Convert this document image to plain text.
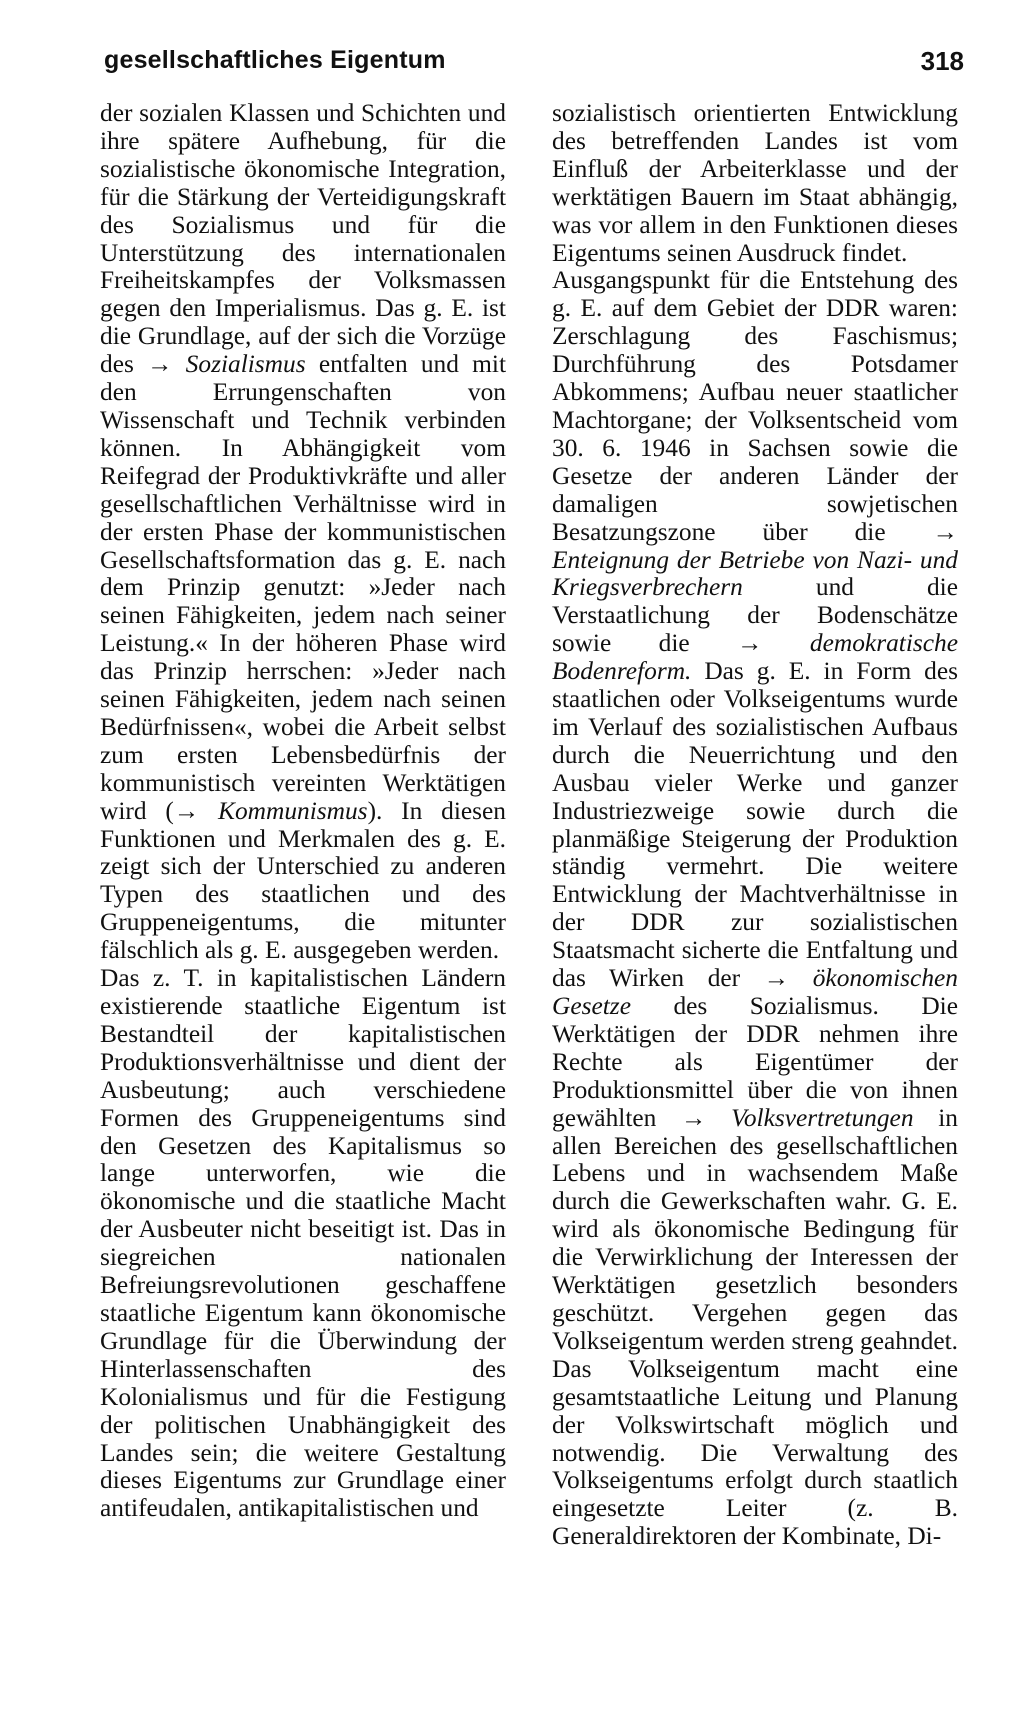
gesellschaftliches Eigentum	318

der sozialen Klassen und Schichten und ihre spätere Aufhebung, für die sozialistische ökonomische Integration, für die Stärkung der Verteidigungskraft des Sozialismus und für die Unterstützung des internationalen Freiheitskampfes der Volksmassen gegen den Imperialismus. Das g. E. ist die Grundlage, auf der sich die Vorzüge des → Sozialismus entfalten und mit den Errungenschaften von Wissenschaft und Technik verbinden können. In Abhängigkeit vom Reifegrad der Produktivkräfte und aller gesellschaftlichen Verhältnisse wird in der ersten Phase der kommunistischen Gesellschaftsformation das g. E. nach dem Prinzip genutzt: »Jeder nach seinen Fähigkeiten, jedem nach seiner Leistung.« In der höheren Phase wird das Prinzip herrschen: »Jeder nach seinen Fähigkeiten, jedem nach seinen Bedürfnissen«, wobei die Arbeit selbst zum ersten Lebensbedürfnis der kommunistisch vereinten Werktätigen wird (→ Kommunismus). In diesen Funktionen und Merkmalen des g. E. zeigt sich der Unterschied zu anderen Typen des staatlichen und des Gruppeneigentums, die mitunter fälschlich als g. E. ausgegeben werden.

Das z. T. in kapitalistischen Ländern existierende staatliche Eigentum ist Bestandteil der kapitalistischen Produktionsverhältnisse und dient der Ausbeutung; auch verschiedene Formen des Gruppeneigentums sind den Gesetzen des Kapitalismus so lange unterworfen, wie die ökonomische und die staatliche Macht der Ausbeuter nicht beseitigt ist. Das in siegreichen nationalen Befreiungsrevolutionen geschaffene staatliche Eigentum kann ökonomische Grundlage für die Überwindung der Hinterlassenschaften des Kolonialismus und für die Festigung der politischen Unabhängigkeit des Landes sein; die weitere Gestaltung dieses Eigentums zur Grundlage einer antifeudalen, antikapitalistischen und

sozialistisch orientierten Entwicklung des betreffenden Landes ist vom Einfluß der Arbeiterklasse und der werktätigen Bauern im Staat abhängig, was vor allem in den Funktionen dieses Eigentums seinen Ausdruck findet.

Ausgangspunkt für die Entstehung des g. E. auf dem Gebiet der DDR waren: Zerschlagung des Faschismus; Durchführung des Potsdamer Abkommens; Aufbau neuer staatlicher Machtorgane; der Volksentscheid vom 30. 6. 1946 in Sachsen sowie die Gesetze der anderen Länder der damaligen sowjetischen Besatzungszone über die → Enteignung der Betriebe von Nazi- und Kriegsverbrechern und die Verstaatlichung der Bodenschätze sowie die → demokratische Bodenreform. Das g. E. in Form des staatlichen oder Volkseigentums wurde im Verlauf des sozialistischen Aufbaus durch die Neuerrichtung und den Ausbau vieler Werke und ganzer Industriezweige sowie durch die planmäßige Steigerung der Produktion ständig vermehrt. Die weitere Entwicklung der Machtverhältnisse in der DDR zur sozialistischen Staatsmacht sicherte die Entfaltung und das Wirken der → ökonomischen Gesetze des Sozialismus. Die Werktätigen der DDR nehmen ihre Rechte als Eigentümer der Produktionsmittel über die von ihnen gewählten → Volksvertretungen in allen Bereichen des gesellschaftlichen Lebens und in wachsendem Maße durch die Gewerkschaften wahr. G. E. wird als ökonomische Bedingung für die Verwirklichung der Interessen der Werktätigen gesetzlich besonders geschützt. Vergehen gegen das Volkseigentum werden streng geahndet. Das Volkseigentum macht eine gesamtstaatliche Leitung und Planung der Volkswirtschaft möglich und notwendig. Die Verwaltung des Volkseigentums erfolgt durch staatlich eingesetzte Leiter (z. B. Generaldirektoren der Kombinate, Di-
